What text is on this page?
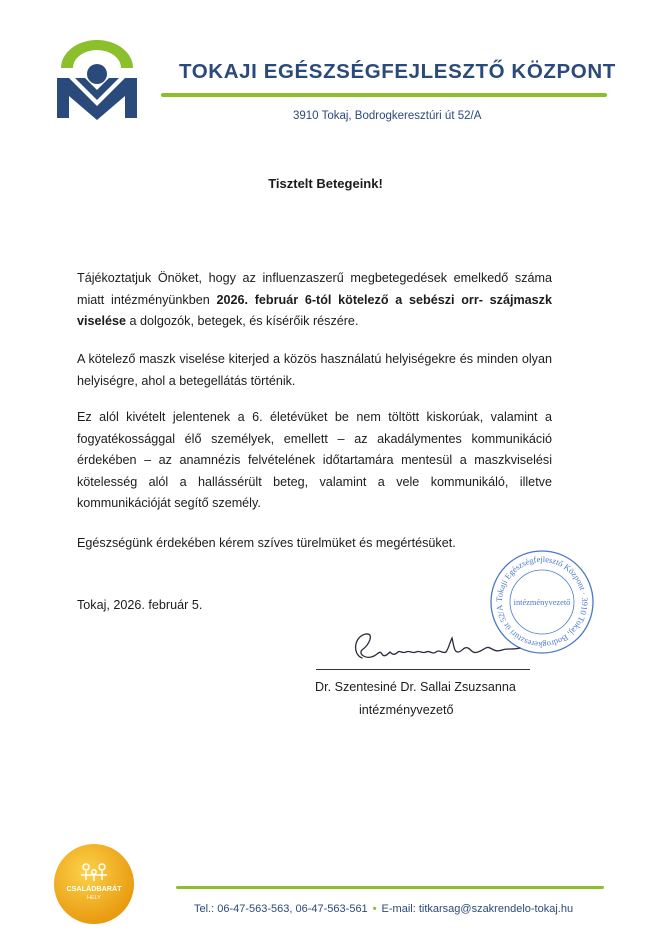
TOKAJI EGÉSZSÉGFEJLESZTŐ KÖZPONT
3910 Tokaj, Bodrogkeresztúri út 52/A
Tisztelt Betegeink!

Tájékoztatjuk Önöket, hogy az influenzaszerű megbetegedések emelkedő száma miatt intézményünkben 2026. február 6-tól kötelező a sebészi orr- szájmaszk viselése a dolgozók, betegek, és kísérőik részére.

A kötelező maszk viselése kiterjed a közös használatú helyiségekre és minden olyan helyiségre, ahol a betegellátás történik.

Ez alól kivételt jelentenek a 6. életévüket be nem töltött kiskorúak, valamint a fogyatékossággal élő személyek, emellett – az akadálymentes kommunikáció érdekében – az anamnézis felvételének időtartamára mentesül a maszkviselési kötelesség alól a hallássérült beteg, valamint a vele kommunikáló, illetve kommunikációját segítő személy.

Egészségünk érdekében kérem szíves türelmüket és megértésüket.

Tokaj, 2026. február 5.	Tokaji Egészségfejlesztő Központ · 3910 Tokaj, Bodrogkeresztúri út 52/A
intézményvezető
Dr. Szentesiné Dr. Sallai Zsuzsanna
intézményvezető
CSALÁDBARÁT
HELY
Tel.: 06-47-563-563, 06-47-563-561 • E-mail: titkarsag@szakrendelo-tokaj.hu
